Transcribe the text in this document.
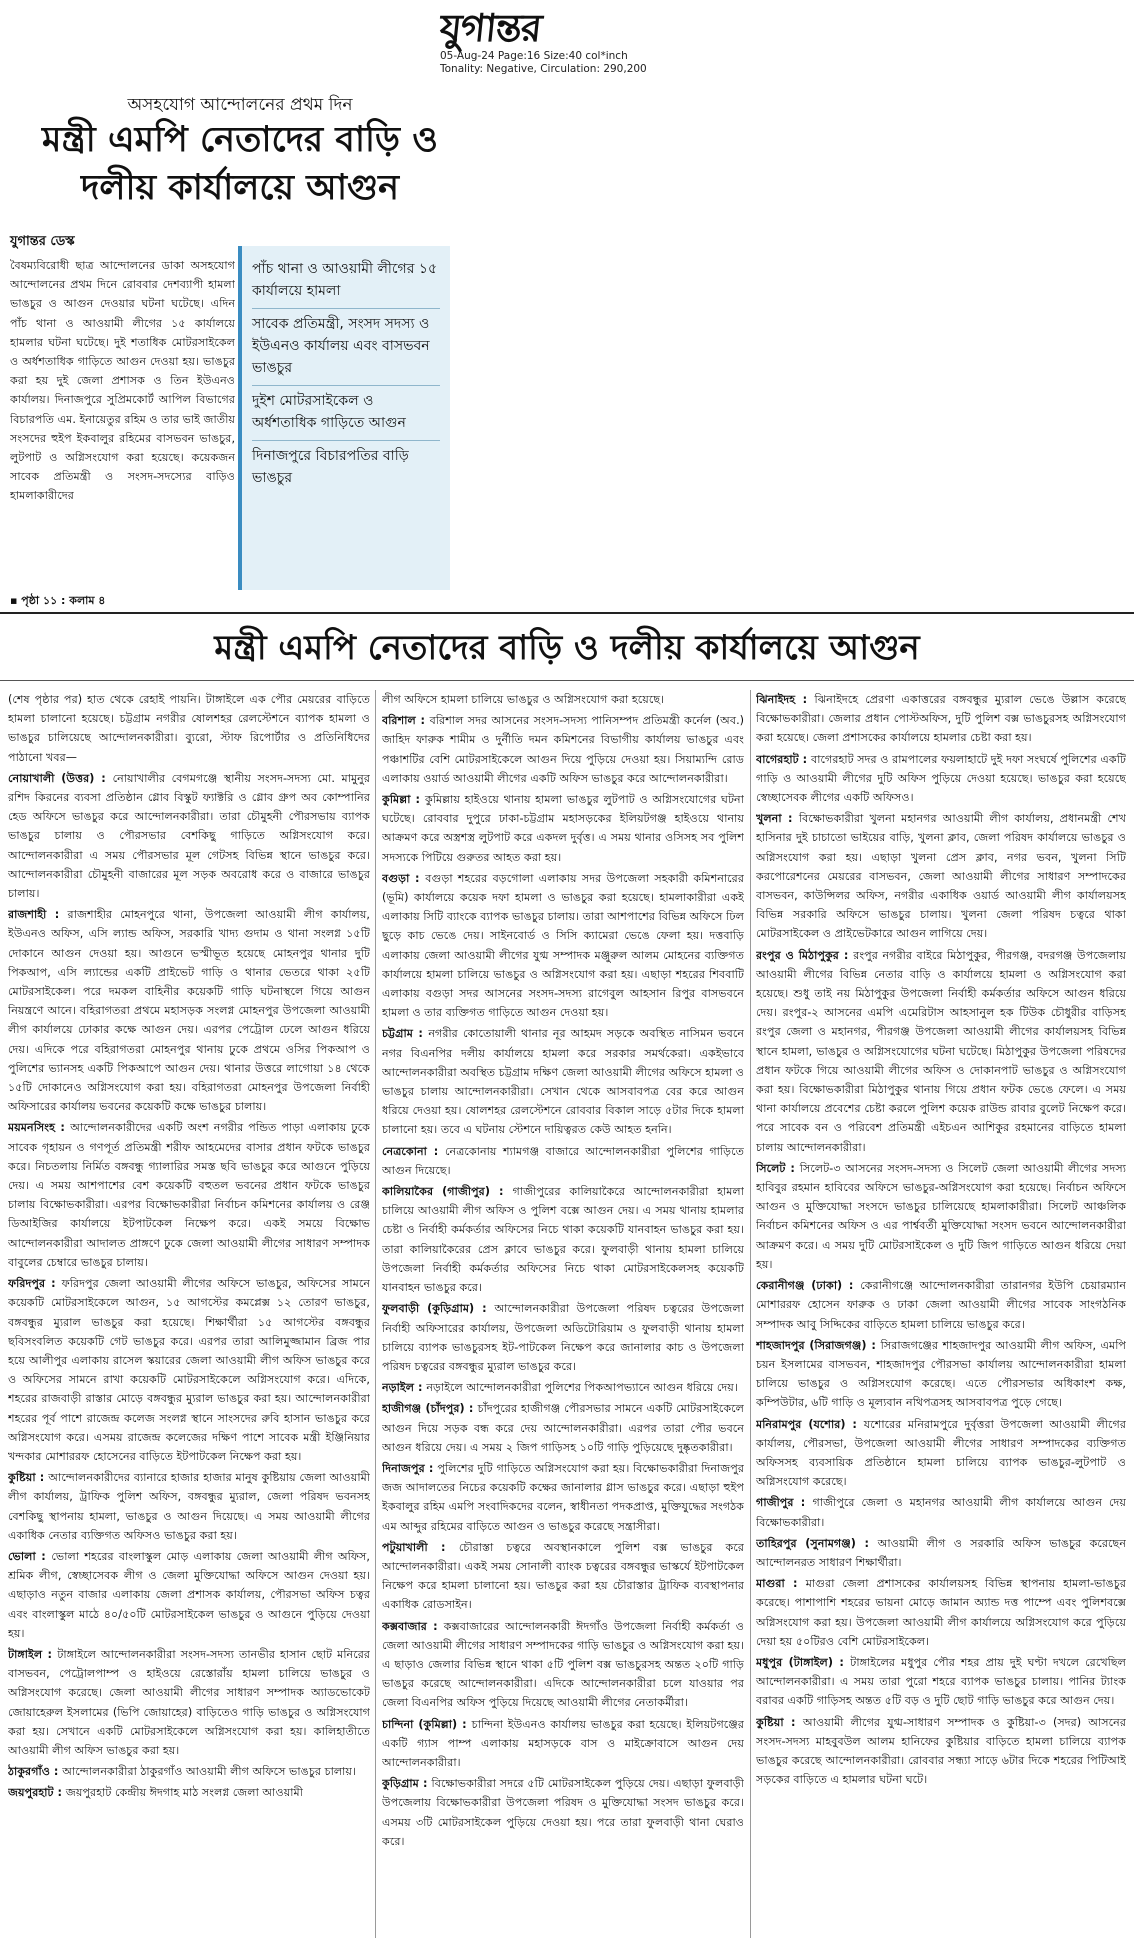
যুগান্তর
05-Aug-24 Page:16 Size:40 col*inch
Tonality: Negative, Circulation: 290,200
অসহযোগ আন্দোলনের প্রথম দিন
মন্ত্রী এমপি নেতাদের বাড়ি ও দলীয় কার্যালয়ে আগুন
যুগান্তর ডেস্ক
বৈষম্যবিরোধী ছাত্র আন্দোলনের ডাকা অসহযোগ আন্দোলনের প্রথম দিনে রোববার দেশব্যাপী হামলা ভাঙচুর ও আগুন দেওয়ার ঘটনা ঘটেছে। এদিন পাঁচ থানা ও আওয়ামী লীগের ১৫ কার্যালয়ে হামলার ঘটনা ঘটেছে। দুই শতাধিক মোটরসাইকেল ও অর্ধশতাধিক গাড়িতে আগুন দেওয়া হয়। ভাঙচুর করা হয় দুই জেলা প্রশাসক ও তিন ইউএনও কার্যালয়। দিনাজপুরে সুপ্রিমকোর্ট আপিল বিভাগের বিচারপতি এম. ইনায়েতুর রহিম ও তার ভাই জাতীয় সংসদের হুইপ ইকবালুর রহিমের বাসভবন ভাঙচুর, লুটপাট ও অগ্নিসংযোগ করা হয়েছে। কয়েকজন সাবেক প্রতিমন্ত্রী ও সংসদ-সদস্যের বাড়িও হামলাকারীদের
▪ পৃষ্ঠা ১১ : কলাম ৪
পাঁচ থানা ও আওয়ামী লীগের ১৫ কার্যালয়ে হামলা
সাবেক প্রতিমন্ত্রী, সংসদ সদস্য ও ইউএনও কার্যালয় এবং বাসভবন ভাঙচুর
দুইশ মোটরসাইকেল ও অর্ধশতাধিক গাড়িতে আগুন
দিনাজপুরে বিচারপতির বাড়ি ভাঙচুর
মন্ত্রী এমপি নেতাদের বাড়ি ও দলীয় কার্যালয়ে আগুন

(শেষ পৃষ্ঠার পর) হাত থেকে রেহাই পায়নি। টাঙ্গাইলে এক পৌর মেয়রের বাড়িতে হামলা চালানো হয়েছে। চট্টগ্রাম নগরীর ষোলশহর রেলস্টেশনে ব্যাপক হামলা ও ভাঙচুর চালিয়েছে আন্দোলনকারীরা। ব্যুরো, স্টাফ রিপোর্টার ও প্রতিনিধিদের পাঠানো খবর—

নোয়াখালী (উত্তর) : নোয়াখালীর বেগমগঞ্জে স্থানীয় সংসদ-সদস্য মো. মামুনুর রশিদ কিরনের ব্যবসা প্রতিষ্ঠান গ্লোব বিস্কুট ফ্যাক্টরি ও গ্লোব গ্রুপ অব কোম্পানির হেড অফিসে ভাঙচুর করে আন্দোলনকারীরা। তারা চৌমুহনী পৌরসভায় ব্যাপক ভাঙচুর চালায় ও পৌরসভার বেশকিছু গাড়িতে অগ্নিসংযোগ করে। আন্দোলনকারীরা এ সময় পৌরসভার মূল গেটসহ বিভিন্ন স্থানে ভাঙচুর করে। আন্দোলনকারীরা চৌমুহনী বাজারের মূল সড়ক অবরোধ করে ও বাজারে ভাঙচুর চালায়।

রাজশাহী : রাজশাহীর মোহনপুরে থানা, উপজেলা আওয়ামী লীগ কার্যালয়, ইউএনও অফিস, এসি ল্যান্ড অফিস, সরকারি খাদ্য গুদাম ও থানা সংলগ্ন ১৫টি দোকানে আগুন দেওয়া হয়। আগুনে ভস্মীভূত হয়েছে মোহনপুর থানার দুটি পিকআপ, এসি ল্যান্ডের একটি প্রাইভেট গাড়ি ও থানার ভেতরে থাকা ২৫টি মোটরসাইকেল। পরে দমকল বাহিনীর কয়েকটি গাড়ি ঘটনাস্থলে গিয়ে আগুন নিয়ন্ত্রণে আনে। বহিরাগতরা প্রথমে মহাসড়ক সংলগ্ন মোহনপুর উপজেলা আওয়ামী লীগ কার্যালয়ে ঢোকার কক্ষে আগুন দেয়। এরপর পেট্রোল ঢেলে আগুন ধরিয়ে দেয়। এদিকে পরে বহিরাগতরা মোহনপুর থানায় ঢুকে প্রথমে ওসির পিকআপ ও পুলিশের ভ্যানসহ একটি পিকআপে আগুন দেয়। থানার উত্তরে লাগোয়া ১৪ থেকে ১৫টি দোকানেও অগ্নিসংযোগ করা হয়। বহিরাগতরা মোহনপুর উপজেলা নির্বাহী অফিসারের কার্যালয় ভবনের কয়েকটি কক্ষে ভাঙচুর চালায়।

ময়মনসিংহ : আন্দোলনকারীদের একটি অংশ নগরীর পন্ডিত পাড়া এলাকায় ঢুকে সাবেক গৃহায়ন ও গণপূর্ত প্রতিমন্ত্রী শরীফ আহমেদের বাসার প্রধান ফটকে ভাঙচুর করে। নিচতলায় নির্মিত বঙ্গবন্ধু গ্যালারির সমস্ত ছবি ভাঙচুর করে আগুনে পুড়িয়ে দেয়। এ সময় আশপাশের বেশ কয়েকটি বহুতল ভবনের প্রধান ফটকে ভাঙচুর চালায় বিক্ষোভকারীরা। এরপর বিক্ষোভকারীরা নির্বাচন কমিশনের কার্যালয় ও রেঞ্জ ডিআইজির কার্যালয়ে ইটপাটকেল নিক্ষেপ করে। একই সময়ে বিক্ষোভ আন্দোলনকারীরা আদালত প্রাঙ্গণে ঢুকে জেলা আওয়ামী লীগের সাধারণ সম্পাদক বাবুলের চেম্বারে ভাঙচুর চালায়।

ফরিদপুর : ফরিদপুর জেলা আওয়ামী লীগের অফিসে ভাঙচুর, অফিসের সামনে কয়েকটি মোটরসাইকেলে আগুন, ১৫ আগস্টের কমপ্লেক্স ১২ তোরণ ভাঙচুর, বঙ্গবন্ধুর ম্যুরাল ভাঙচুর করা হয়েছে। শিক্ষার্থীরা ১৫ আগস্টের বঙ্গবন্ধুর ছবিসংবলিত কয়েকটি গেট ভাঙচুর করে। এরপর তারা আলিমুজ্জামান ব্রিজ পার হয়ে আলীপুর এলাকায় রাসেল স্কয়ারের জেলা আওয়ামী লীগ অফিস ভাঙচুর করে ও অফিসের সামনে রাখা কয়েকটি মোটরসাইকেলে অগ্নিসংযোগ করে। এদিকে, শহরের রাজবাড়ী রাস্তার মোড়ে বঙ্গবন্ধুর ম্যুরাল ভাঙচুর করা হয়। আন্দোলনকারীরা শহরের পূর্ব পাশে রাজেন্দ্র কলেজ সংলগ্ন স্থানে সাংসদের রুবি হাসান ভাঙচুর করে অগ্নিসংযোগ করে। এসময় রাজেন্দ্র কলেজের দক্ষিণ পাশে সাবেক মন্ত্রী ইঞ্জিনিয়ার খন্দকার মোশাররফ হোসেনের বাড়িতে ইটপাটকেল নিক্ষেপ করা হয়।

কুষ্টিয়া : আন্দোলনকারীদের ব্যানারে হাজার হাজার মানুষ কুষ্টিয়ায় জেলা আওয়ামী লীগ কার্যালয়, ট্রাফিক পুলিশ অফিস, বঙ্গবন্ধুর ম্যুরাল, জেলা পরিষদ ভবনসহ বেশকিছু স্থাপনায় হামলা, ভাঙচুর ও আগুন দিয়েছে। এ সময় আওয়ামী লীগের একাধিক নেতার ব্যক্তিগত অফিসও ভাঙচুর করা হয়।

ভোলা : ভোলা শহরের বাংলাস্কুল মোড় এলাকায় জেলা আওয়ামী লীগ অফিস, শ্রমিক লীগ, স্বেচ্ছাসেবক লীগ ও জেলা মুক্তিযোদ্ধা অফিসে আগুন দেওয়া হয়। এছাড়াও নতুন বাজার এলাকায় জেলা প্রশাসক কার্যালয়, পৌরসভা অফিস চত্বর এবং বাংলাস্কুল মাঠে ৪০/৫০টি মোটরসাইকেল ভাঙচুর ও আগুনে পুড়িয়ে দেওয়া হয়।

টাঙ্গাইল : টাঙ্গাইলে আন্দোলনকারীরা সংসদ-সদস্য তানভীর হাসান ছোট মনিরের বাসভবন, পেট্রোলপাম্প ও হাইওয়ে রেস্তোরাঁয় হামলা চালিয়ে ভাঙচুর ও অগ্নিসংযোগ করেছে। জেলা আওয়ামী লীগের সাধারণ সম্পাদক অ্যাডভোকেট জোয়াহেরুল ইসলামের (ভিপি জোয়াহের) বাড়িতেও গাড়ি ভাঙচুর ও অগ্নিসংযোগ করা হয়। সেখানে একটি মোটরসাইকেলে অগ্নিসংযোগ করা হয়। কালিহাতীতে আওয়ামী লীগ অফিস ভাঙচুর করা হয়।

ঠাকুরগাঁও : আন্দোলনকারীরা ঠাকুরগাঁও আওয়ামী লীগ অফিসে ভাঙচুর চালায়।

জয়পুরহাট : জয়পুরহাট কেন্দ্রীয় ঈদগাহ মাঠ সংলগ্ন জেলা আওয়ামী

লীগ অফিসে হামলা চালিয়ে ভাঙচুর ও অগ্নিসংযোগ করা হয়েছে।

বরিশাল : বরিশাল সদর আসনের সংসদ-সদস্য পানিসম্পদ প্রতিমন্ত্রী কর্নেল (অব.) জাহিদ ফারুক শামীম ও দুর্নীতি দমন কমিশনের বিভাগীয় কার্যালয় ভাঙচুর এবং পঞ্চাশটির বেশি মোটরসাইকেলে আগুন দিয়ে পুড়িয়ে দেওয়া হয়। সিয়াম্যন্দি রোড এলাকায় ওয়ার্ড আওয়ামী লীগের একটি অফিস ভাঙচুর করে আন্দোলনকারীরা।

কুমিল্লা : কুমিল্লায় হাইওয়ে থানায় হামলা ভাঙচুর লুটপাট ও অগ্নিসংযোগের ঘটনা ঘটেছে। রোববার দুপুরে ঢাকা-চট্টগ্রাম মহাসড়কের ইলিয়টগঞ্জ হাইওয়ে থানায় আক্রমণ করে অস্ত্রশস্ত্র লুটপাট করে একদল দুর্বৃত্ত। এ সময় থানার ওসিসহ সব পুলিশ সদস্যকে পিটিয়ে গুরুতর আহত করা হয়।

বগুড়া : বগুড়া শহরের বড়গোলা এলাকায় সদর উপজেলা সহকারী কমিশনারের (ভূমি) কার্যালয়ে কয়েক দফা হামলা ও ভাঙচুর করা হয়েছে। হামলাকারীরা একই এলাকায় সিটি ব্যাংকে ব্যাপক ভাঙচুর চালায়। তারা আশপাশের বিভিন্ন অফিসে ঢিল ছুড়ে কাচ ভেঙে দেয়। সাইনবোর্ড ও সিসি ক্যামেরা ভেঙে ফেলা হয়। দত্তবাড়ি এলাকায় জেলা আওয়ামী লীগের যুগ্ম সম্পাদক মঞ্জুরুল আলম মোহনের ব্যক্তিগত কার্যালয়ে হামলা চালিয়ে ভাঙচুর ও অগ্নিসংযোগ করা হয়। এছাড়া শহরের শিববাটি এলাকায় বগুড়া সদর আসনের সংসদ-সদস্য রাগেবুল আহসান রিপুর বাসভবনে হামলা ও তার ব্যক্তিগত গাড়িতে আগুন দেওয়া হয়।

চট্টগ্রাম : নগরীর কোতোয়ালী থানার নূর আহমদ সড়কে অবস্থিত নাসিমন ভবনে নগর বিএনপির দলীয় কার্যালয়ে হামলা করে সরকার সমর্থকেরা। একইভাবে আন্দোলনকারীরা অবস্থিত চট্টগ্রাম দক্ষিণ জেলা আওয়ামী লীগের অফিসে হামলা ও ভাঙচুর চালায় আন্দোলনকারীরা। সেখান থেকে আসবাবপত্র বের করে আগুন ধরিয়ে দেওয়া হয়। ষোলশহর রেলস্টেশনে রোববার বিকাল সাড়ে ৫টার দিকে হামলা চালানো হয়। তবে এ ঘটনায় স্টেশনে দায়িত্বরত কেউ আহত হননি।

নেত্রকোনা : নেত্রকোনায় শ্যামগঞ্জ বাজারে আন্দোলনকারীরা পুলিশের গাড়িতে আগুন দিয়েছে।

কালিয়াকৈর (গাজীপুর) : গাজীপুরের কালিয়াকৈরে আন্দোলনকারীরা হামলা চালিয়ে আওয়ামী লীগ অফিস ও পুলিশ বক্সে আগুন দেয়। এ সময় থানায় হামলার চেষ্টা ও নির্বাহী কর্মকর্তার অফিসের নিচে থাকা কয়েকটি যানবাহন ভাঙচুর করা হয়। তারা কালিয়াকৈরের প্রেস ক্লাবে ভাঙচুর করে। ফুলবাড়ী থানায় হামলা চালিয়ে উপজেলা নির্বাহী কর্মকর্তার অফিসের নিচে থাকা মোটরসাইকেলসহ কয়েকটি যানবাহন ভাঙচুর করে।

ফুলবাড়ী (কুড়িগ্রাম) : আন্দোলনকারীরা উপজেলা পরিষদ চত্বরের উপজেলা নির্বাহী অফিসারের কার্যালয়, উপজেলা অডিটোরিয়াম ও ফুলবাড়ী থানায় হামলা চালিয়ে ব্যাপক ভাঙচুরসহ ইট-পাটকেল নিক্ষেপ করে জানালার কাচ ও উপজেলা পরিষদ চত্বরের বঙ্গবন্ধুর ম্যুরাল ভাঙচুর করে।

নড়াইল : নড়াইলে আন্দোলনকারীরা পুলিশের পিকআপভ্যানে আগুন ধরিয়ে দেয়।

হাজীগঞ্জ (চাঁদপুর) : চাঁদপুরের হাজীগঞ্জ পৌরসভার সামনে একটি মোটরসাইকেলে আগুন দিয়ে সড়ক বন্ধ করে দেয় আন্দোলনকারীরা। এরপর তারা পৌর ভবনে আগুন ধরিয়ে দেয়। এ সময় ২ জিপ গাড়িসহ ১০টি গাড়ি পুড়িয়েছে দুষ্কৃতকারীরা।

দিনাজপুর : পুলিশের দুটি গাড়িতে অগ্নিসংযোগ করা হয়। বিক্ষোভকারীরা দিনাজপুর জজ আদালতের নিচের কয়েকটি কক্ষের জানালার গ্লাস ভাঙচুর করে। এছাড়া হুইপ ইকবালুর রহিম এমপি সংবাদিকদের বলেন, স্বাধীনতা পদকপ্রাপ্ত, মুক্তিযুদ্ধের সংগঠক এম আব্দুর রহিমের বাড়িতে আগুন ও ভাঙচুর করেছে সন্ত্রাসীরা।

পটুয়াখালী : চৌরাস্তা চত্বরে অবস্থানকালে পুলিশ বক্স ভাঙচুর করে আন্দোলনকারীরা। একই সময় সোনালী ব্যাংক চত্বরের বঙ্গবন্ধুর ভাস্কর্যে ইটপাটকেল নিক্ষেপ করে হামলা চালানো হয়। ভাঙচুর করা হয় চৌরাস্তার ট্রাফিক ব্যবস্থাপনার একাধিক রোডসাইন।

কক্সবাজার : কক্সবাজারের আন্দোলনকারী ঈদগাঁও উপজেলা নির্বাহী কর্মকর্তা ও জেলা আওয়ামী লীগের সাধারণ সম্পাদকের গাড়ি ভাঙচুর ও অগ্নিসংযোগ করা হয়। এ ছাড়াও জেলার বিভিন্ন স্থানে থাকা ৫টি পুলিশ বক্স ভাঙচুরসহ অন্তত ২০টি গাড়ি ভাঙচুর করেছে আন্দোলনকারীরা। এদিকে আন্দোলনকারীরা চলে যাওয়ার পর জেলা বিএনপির অফিস পুড়িয়ে দিয়েছে আওয়ামী লীগের নেতাকর্মীরা।

চান্দিনা (কুমিল্লা) : চান্দিনা ইউএনও কার্যালয় ভাঙচুর করা হয়েছে। ইলিয়টগঞ্জের একটি গ্যাস পাম্প এলাকায় মহাসড়কে বাস ও মাইক্রোবাসে আগুন দেয় আন্দোলনকারীরা।

কুড়িগ্রাম : বিক্ষোভকারীরা সদরে ৫টি মোটরসাইকেল পুড়িয়ে দেয়। এছাড়া ফুলবাড়ী উপজেলায় বিক্ষোভকারীরা উপজেলা পরিষদ ও মুক্তিযোদ্ধা সংসদ ভাঙচুর করে। এসময় ৩টি মোটরসাইকেল পুড়িয়ে দেওয়া হয়। পরে তারা ফুলবাড়ী থানা ঘেরাও করে।

ঝিনাইদহ : ঝিনাইদহে প্রেরণা একাত্তরের বঙ্গবন্ধুর ম্যুরাল ভেঙে উল্লাস করেছে বিক্ষোভকারীরা। জেলার প্রধান পোস্টঅফিস, দুটি পুলিশ বক্স ভাঙচুরসহ অগ্নিসংযোগ করা হয়েছে। জেলা প্রশাসকের কার্যালয়ে হামলার চেষ্টা করা হয়।

বাগেরহাট : বাগেরহাট সদর ও রামপালের ফয়লাহাটে দুই দফা সংঘর্ষে পুলিশের একটি গাড়ি ও আওয়ামী লীগের দুটি অফিস পুড়িয়ে দেওয়া হয়েছে। ভাঙচুর করা হয়েছে স্বেচ্ছাসেবক লীগের একটি অফিসও।

খুলনা : বিক্ষোভকারীরা খুলনা মহানগর আওয়ামী লীগ কার্যালয়, প্রধানমন্ত্রী শেখ হাসিনার দুই চাচাতো ভাইয়ের বাড়ি, খুলনা ক্লাব, জেলা পরিষদ কার্যালয়ে ভাঙচুর ও অগ্নিসংযোগ করা হয়। এছাড়া খুলনা প্রেস ক্লাব, নগর ভবন, খুলনা সিটি করপোরেশনের মেয়রের বাসভবন, জেলা আওয়ামী লীগের সাধারণ সম্পাদকের বাসভবন, কাউন্সিলর অফিস, নগরীর একাধিক ওয়ার্ড আওয়ামী লীগ কার্যালয়সহ বিভিন্ন সরকারি অফিসে ভাঙচুর চালায়। খুলনা জেলা পরিষদ চত্বরে থাকা মোটরসাইকেল ও প্রাইভেটকারে আগুন লাগিয়ে দেয়।

রংপুর ও মিঠাপুকুর : রংপুর নগরীর বাইরে মিঠাপুকুর, পীরগঞ্জ, বদরগঞ্জ উপজেলায় আওয়ামী লীগের বিভিন্ন নেতার বাড়ি ও কার্যালয়ে হামলা ও অগ্নিসংযোগ করা হয়েছে। শুধু তাই নয় মিঠাপুকুর উপজেলা নির্বাহী কর্মকর্তার অফিসে আগুন ধরিয়ে দেয়। রংপুর-২ আসনের এমপি এমেরিটাস আহসানুল হক টিউক চৌধুরীর বাড়িসহ রংপুর জেলা ও মহানগর, পীরগঞ্জ উপজেলা আওয়ামী লীগের কার্যালয়সহ বিভিন্ন স্থানে হামলা, ভাঙচুর ও অগ্নিসংযোগের ঘটনা ঘটেছে। মিঠাপুকুর উপজেলা পরিষদের প্রধান ফটকে গিয়ে আওয়ামী লীগের অফিস ও দোকানপাট ভাঙচুর ও অগ্নিসংযোগ করা হয়। বিক্ষোভকারীরা মিঠাপুকুর থানায় গিয়ে প্রধান ফটক ভেঙে ফেলে। এ সময় থানা কার্যালয়ে প্রবেশের চেষ্টা করলে পুলিশ কয়েক রাউন্ড রাবার বুলেট নিক্ষেপ করে। পরে সাবেক বন ও পরিবেশ প্রতিমন্ত্রী এইচএন আশিকুর রহমানের বাড়িতে হামলা চালায় আন্দোলনকারীরা।

সিলেট : সিলেট-৩ আসনের সংসদ-সদস্য ও সিলেট জেলা আওয়ামী লীগের সদস্য হাবিবুর রহমান হাবিবের অফিসে ভাঙচুর-অগ্নিসংযোগ করা হয়েছে। নির্বাচন অফিসে আগুন ও মুক্তিযোদ্ধা সংসদে ভাঙচুর চালিয়েছে হামলাকারীরা। সিলেট আঞ্চলিক নির্বাচন কমিশনের অফিস ও এর পার্শ্ববর্তী মুক্তিযোদ্ধা সংসদ ভবনে আন্দোলনকারীরা আক্রমণ করে। এ সময় দুটি মোটরসাইকেল ও দুটি জিপ গাড়িতে আগুন ধরিয়ে দেয়া হয়।

কেরানীগঞ্জ (ঢাকা) : কেরানীগঞ্জে আন্দোলনকারীরা তারানগর ইউপি চেয়ারম্যান মোশাররফ হোসেন ফারুক ও ঢাকা জেলা আওয়ামী লীগের সাবেক সাংগঠনিক সম্পাদক আবু সিদ্দিকের বাড়িতে হামলা চালিয়ে ভাঙচুর করে।

শাহজাদপুর (সিরাজগঞ্জ) : সিরাজগঞ্জের শাহজাদপুর আওয়ামী লীগ অফিস, এমপি চয়ন ইসলামের বাসভবন, শাহজাদপুর পৌরসভা কার্যালয় আন্দোলনকারীরা হামলা চালিয়ে ভাঙচুর ও অগ্নিসংযোগ করেছে। এতে পৌরসভার অধিকাংশ কক্ষ, কম্পিউটার, ৬টি গাড়ি ও মূল্যবান নথিপত্রসহ আসবাবপত্র পুড়ে গেছে।

মনিরামপুর (যশোর) : যশোরের মনিরামপুরে দুর্বৃত্তরা উপজেলা আওয়ামী লীগের কার্যালয়, পৌরসভা, উপজেলা আওয়ামী লীগের সাধারণ সম্পাদকের ব্যক্তিগত অফিসসহ ব্যবসায়িক প্রতিষ্ঠানে হামলা চালিয়ে ব্যাপক ভাঙচুর-লুটপাট ও অগ্নিসংযোগ করেছে।

গাজীপুর : গাজীপুরে জেলা ও মহানগর আওয়ামী লীগ কার্যালয়ে আগুন দেয় বিক্ষোভকারীরা।

তাহিরপুর (সুনামগঞ্জ) : আওয়ামী লীগ ও সরকারি অফিস ভাঙচুর করেছেন আন্দোলনরত সাধারণ শিক্ষার্থীরা।

মাগুরা : মাগুরা জেলা প্রশাসকের কার্যালয়সহ বিভিন্ন স্থাপনায় হামলা-ভাঙচুর করেছে। পাশাপাশি শহরের ভায়না মোড়ে জামান অ্যান্ড দত্ত পাম্পে এবং পুলিশবক্সে অগ্নিসংযোগ করা হয়। উপজেলা আওয়ামী লীগ কার্যালয়ে অগ্নিসংযোগ করে পুড়িয়ে দেয়া হয় ৫০টিরও বেশি মোটরসাইকেল।

মধুপুর (টাঙ্গাইল) : টাঙ্গাইলের মধুপুর পৌর শহর প্রায় দুই ঘণ্টা দখলে রেখেছিল আন্দোলনকারীরা। এ সময় তারা পুরো শহরে ব্যাপক ভাঙচুর চালায়। পানির ট্যাংক বরাবর একটি গাড়িসহ অন্তত ৫টি বড় ও দুটি ছোট গাড়ি ভাঙচুর করে আগুন দেয়।

কুষ্টিয়া : আওয়ামী লীগের যুগ্ম-সাধারণ সম্পাদক ও কুষ্টিয়া-৩ (সদর) আসনের সংসদ-সদস্য মাহবুবউল আলম হানিফের কুষ্টিয়ার বাড়িতে হামলা চালিয়ে ব্যাপক ভাঙচুর করেছে আন্দোলনকারীরা। রোববার সন্ধ্যা সাড়ে ৬টার দিকে শহরের পিটিআই সড়কের বাড়িতে এ হামলার ঘটনা ঘটে।
